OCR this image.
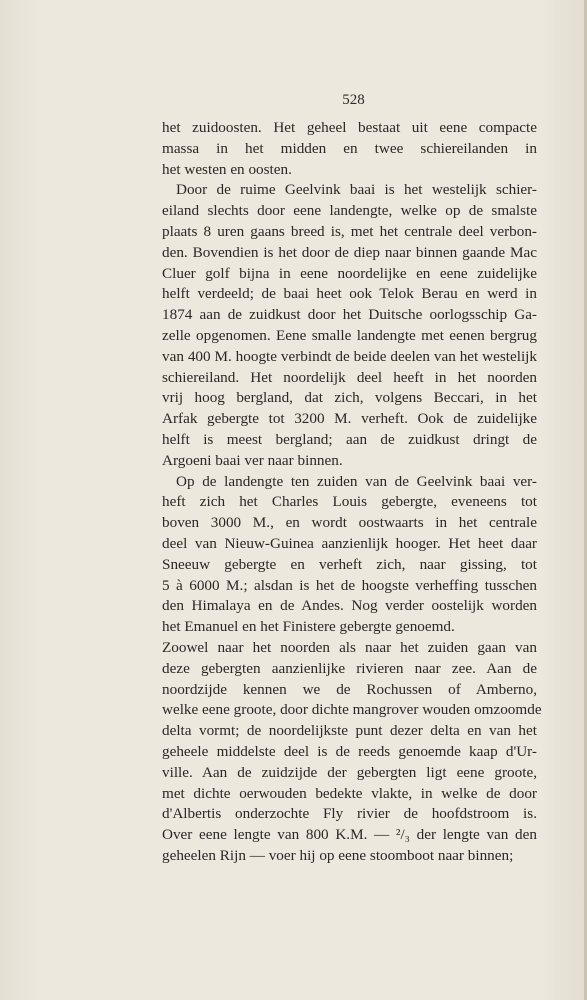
528
het zuidoosten. Het geheel bestaat uit eene compacte
massa in het midden en twee schiereilanden in
het westen en oosten.
Door de ruime Geelvink baai is het westelijk schier-
eiland slechts door eene landengte, welke op de smalste
plaats 8 uren gaans breed is, met het centrale deel verbon-
den. Bovendien is het door de diep naar binnen gaande Mac
Cluer golf bijna in eene noordelijke en eene zuidelijke
helft verdeeld; de baai heet ook Telok Berau en werd in
1874 aan de zuidkust door het Duitsche oorlogsschip Ga-
zelle opgenomen. Eene smalle landengte met eenen bergrug
van 400 M. hoogte verbindt de beide deelen van het westelijk
schiereiland. Het noordelijk deel heeft in het noorden
vrij hoog bergland, dat zich, volgens Beccari, in het
Arfak gebergte tot 3200 M. verheft. Ook de zuidelijke
helft is meest bergland; aan de zuidkust dringt de
Argoeni baai ver naar binnen.
Op de landengte ten zuiden van de Geelvink baai ver-
heft zich het Charles Louis gebergte, eveneens tot
boven 3000 M., en wordt oostwaarts in het centrale
deel van Nieuw-Guinea aanzienlijk hooger. Het heet daar
Sneeuw gebergte en verheft zich, naar gissing, tot
5 à 6000 M.; alsdan is het de hoogste verheffing tusschen
den Himalaya en de Andes. Nog verder oostelijk worden
het Emanuel en het Finistere gebergte genoemd.
Zoowel naar het noorden als naar het zuiden gaan van
deze gebergten aanzienlijke rivieren naar zee. Aan de
noordzijde kennen we de Rochussen of Amberno,
welke eene groote, door dichte mangrover wouden omzoomde
delta vormt; de noordelijkste punt dezer delta en van het
geheele middelste deel is de reeds genoemde kaap d'Ur-
ville. Aan de zuidzijde der gebergten ligt eene groote,
met dichte oerwouden bedekte vlakte, in welke de door
d'Albertis onderzochte Fly rivier de hoofdstroom is.
Over eene lengte van 800 K.M. — ²/₃ der lengte van den
geheelen Rijn — voer hij op eene stoomboot naar binnen;
